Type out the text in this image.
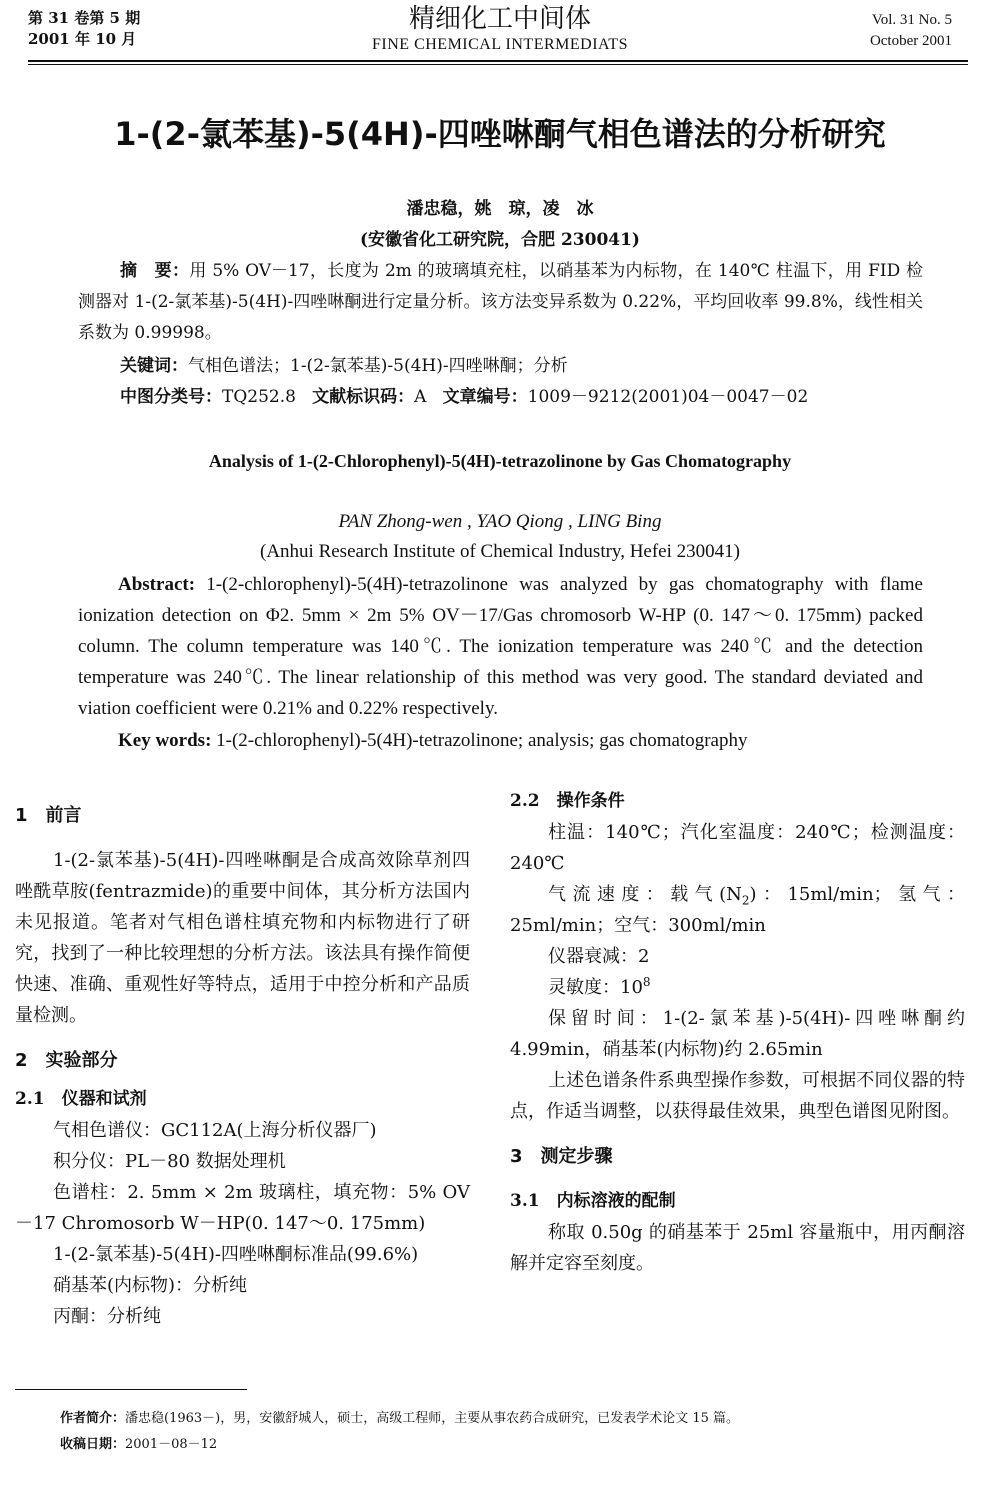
第 31 卷第 5 期
2001 年 10 月
精细化工中间体
FINE CHEMICAL INTERMEDIATS
Vol. 31 No. 5
October 2001
1-(2-氯苯基)-5(4H)-四唑啉酮气相色谱法的分析研究
潘忠稳，姚　琼，凌　冰
(安徽省化工研究院，合肥 230041)
摘　要：用 5% OV－17，长度为 2m 的玻璃填充柱，以硝基苯为内标物，在 140℃ 柱温下，用 FID 检测器对 1-(2-氯苯基)-5(4H)-四唑啉酮进行定量分析。该方法变异系数为 0.22%，平均回收率 99.8%，线性相关系数为 0.99998。
关键词：气相色谱法；1-(2-氯苯基)-5(4H)-四唑啉酮；分析
中图分类号：TQ252.8 文献标识码：A 文章编号：1009－9212(2001)04－0047－02
Analysis of 1-(2-Chlorophenyl)-5(4H)-tetrazolinone by Gas Chomatography
PAN Zhong-wen , YAO Qiong , LING Bing
(Anhui Research Institute of Chemical Industry, Hefei 230041)
Abstract: 1-(2-chlorophenyl)-5(4H)-tetrazolinone was analyzed by gas chomatography with flame ionization detection on Φ2. 5mm × 2m 5% OV－17/Gas chromosorb W-HP (0. 147～0. 175mm) packed column. The column temperature was 140℃. The ionization temperature was 240℃ and the detection temperature was 240℃. The linear relationship of this method was very good. The standard deviated and viation coefficient were 0.21% and 0.22% respectively.
Key words: 1-(2-chlorophenyl)-5(4H)-tetrazolinone; analysis; gas chomatography

1　前言

1-(2-氯苯基)-5(4H)-四唑啉酮是合成高效除草剂四唑酰草胺(fentrazmide)的重要中间体，其分析方法国内未见报道。笔者对气相色谱柱填充物和内标物进行了研究，找到了一种比较理想的分析方法。该法具有操作简便快速、准确、重观性好等特点，适用于中控分析和产品质量检测。

2　实验部分

2.1　仪器和试剂

气相色谱仪：GC112A(上海分析仪器厂)

积分仪：PL－80 数据处理机

色谱柱：2. 5mm × 2m 玻璃柱，填充物：5% OV－17 Chromosorb W－HP(0. 147～0. 175mm)

1-(2-氯苯基)-5(4H)-四唑啉酮标准品(99.6%)

硝基苯(内标物)：分析纯

丙酮：分析纯

2.2　操作条件

柱温：140℃；汽化室温度：240℃；检测温度：240℃

气流速度：载气$(N_2)$：15ml/min；氢气：25ml/min；空气：300ml/min

仪器衰减：2

灵敏度：$10^8$

保留时间：1-(2-氯苯基)-5(4H)-四唑啉酮约 4.99min，硝基苯(内标物)约 2.65min

上述色谱条件系典型操作参数，可根据不同仪器的特点，作适当调整，以获得最佳效果，典型色谱图见附图。

3　测定步骤

3.1　内标溶液的配制

称取 0.50g 的硝基苯于 25ml 容量瓶中，用丙酮溶解并定容至刻度。

作者简介：潘忠稳(1963－)，男，安徽舒城人，硕士，高级工程师，主要从事农药合成研究，已发表学术论文 15 篇。
收稿日期：2001－08－12
